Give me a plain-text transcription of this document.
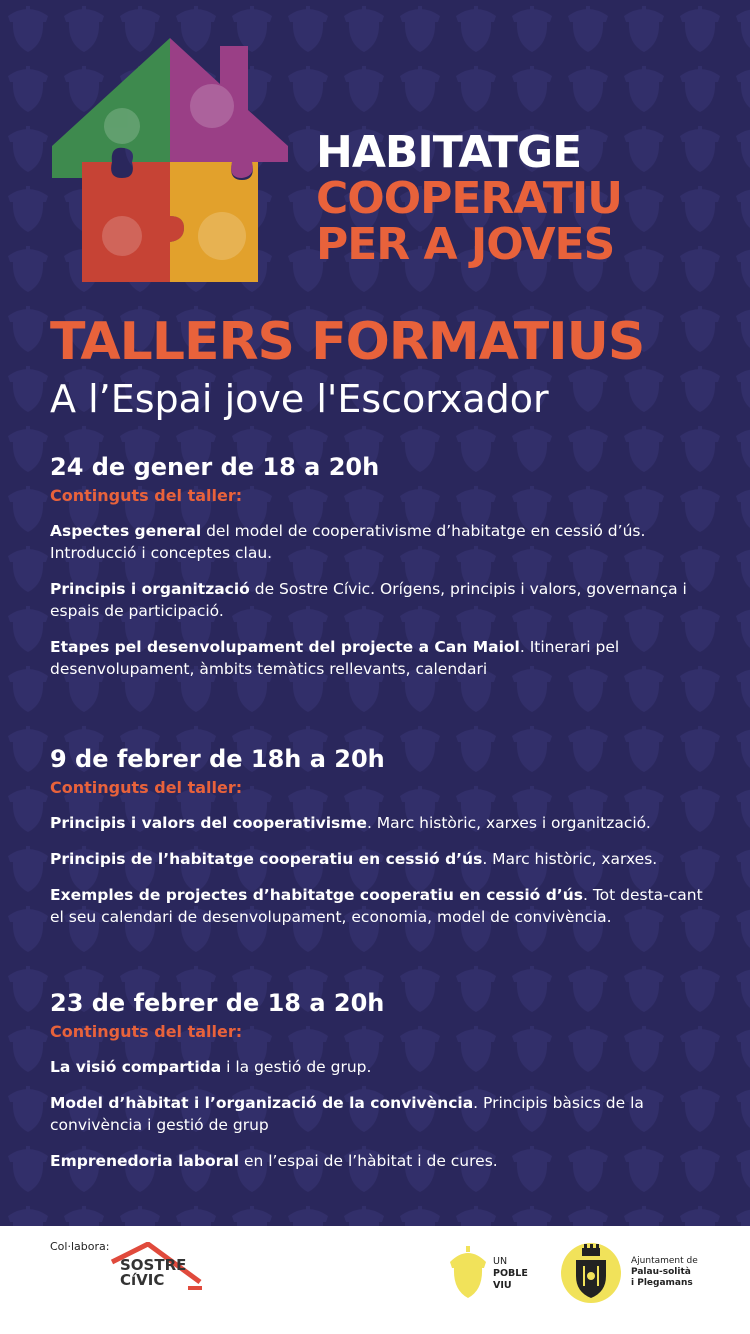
HABITATGE
COOPERATIU
PER A JOVES
TALLERS FORMATIUS
A l’Espai jove l'Escorxador
24 de gener de 18 a 20h
Continguts del taller:
Aspectes general del model de cooperativisme d’habitatge en cessió d’ús. Introducció i conceptes clau.
Principis i organització de Sostre Cívic. Orígens, principis i valors, governança i espais de participació.
Etapes pel desenvolupament del projecte a Can Maiol. Itinerari pel desenvolupament, àmbits temàtics rellevants, calendari
9 de febrer de 18h a 20h
Continguts del taller:
Principis i valors del cooperativisme. Marc històric, xarxes i organització.
Principis de l’habitatge cooperatiu en cessió d’ús. Marc històric, xarxes.
Exemples de projectes d’habitatge cooperatiu en cessió d’ús. Tot desta-cant el seu calendari de desenvolupament, economia, model de convivència.
23 de febrer de 18 a 20h
Continguts del taller:
La visió compartida i la gestió de grup.
Model d’hàbitat i l’organizació de la convivència. Principis bàsics de la convivència i gestió de grup
Emprenedoria laboral en l’espai de l’hàbitat i de cures.
Col·labora:
SOSTRE
CíVIC
UN
POBLE
VIU
Ajuntament de
Palau-solità
i Plegamans
